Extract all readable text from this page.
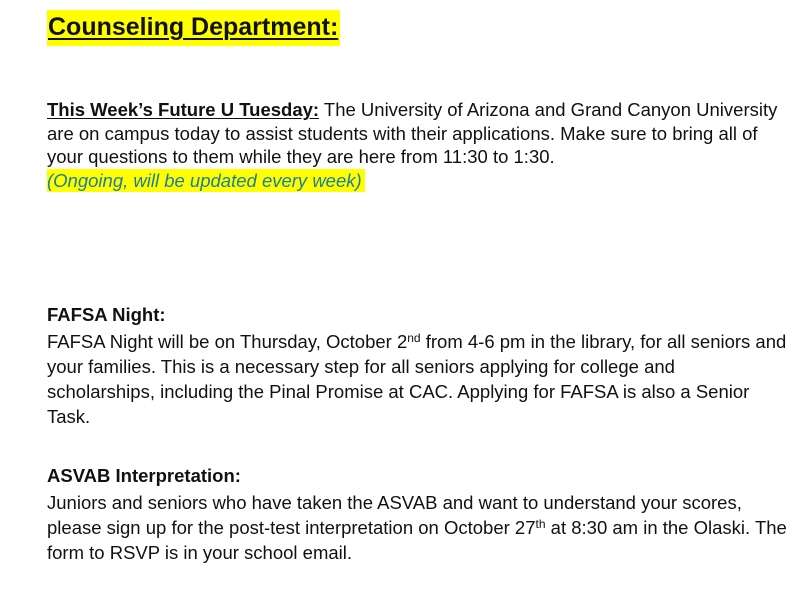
Counseling Department:
This Week’s Future U Tuesday: The University of Arizona and Grand Canyon University are on campus today to assist students with their applications. Make sure to bring all of your questions to them while they are here from 11:30 to 1:30.
(Ongoing, will be updated every week)
FAFSA Night:
FAFSA Night will be on Thursday, October 2nd from 4-6 pm in the library, for all seniors and your families. This is a necessary step for all seniors applying for college and scholarships, including the Pinal Promise at CAC. Applying for FAFSA is also a Senior Task.
ASVAB Interpretation:
Juniors and seniors who have taken the ASVAB and want to understand your scores, please sign up for the post-test interpretation on October 27th at 8:30 am in the Olaski. The form to RSVP is in your school email.
